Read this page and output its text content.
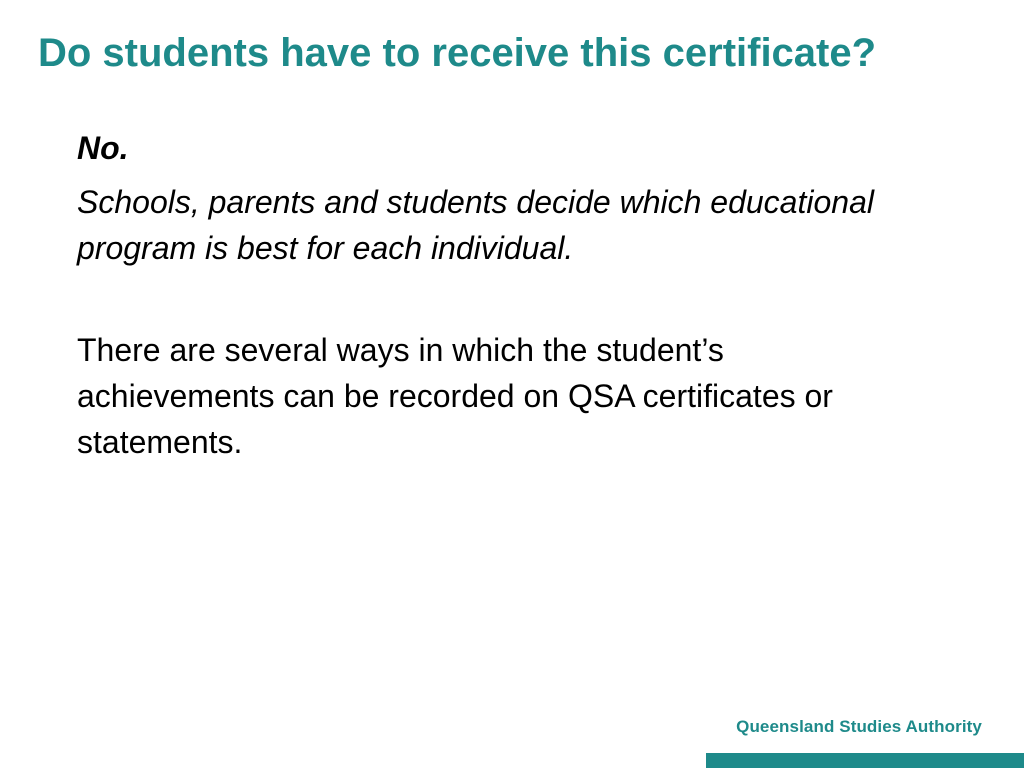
Do students have to receive this certificate?

No.

Schools, parents and students decide which educational program is best for each individual.

There are several ways in which the student’s achievements can be recorded on QSA certificates or statements.

Queensland Studies Authority
